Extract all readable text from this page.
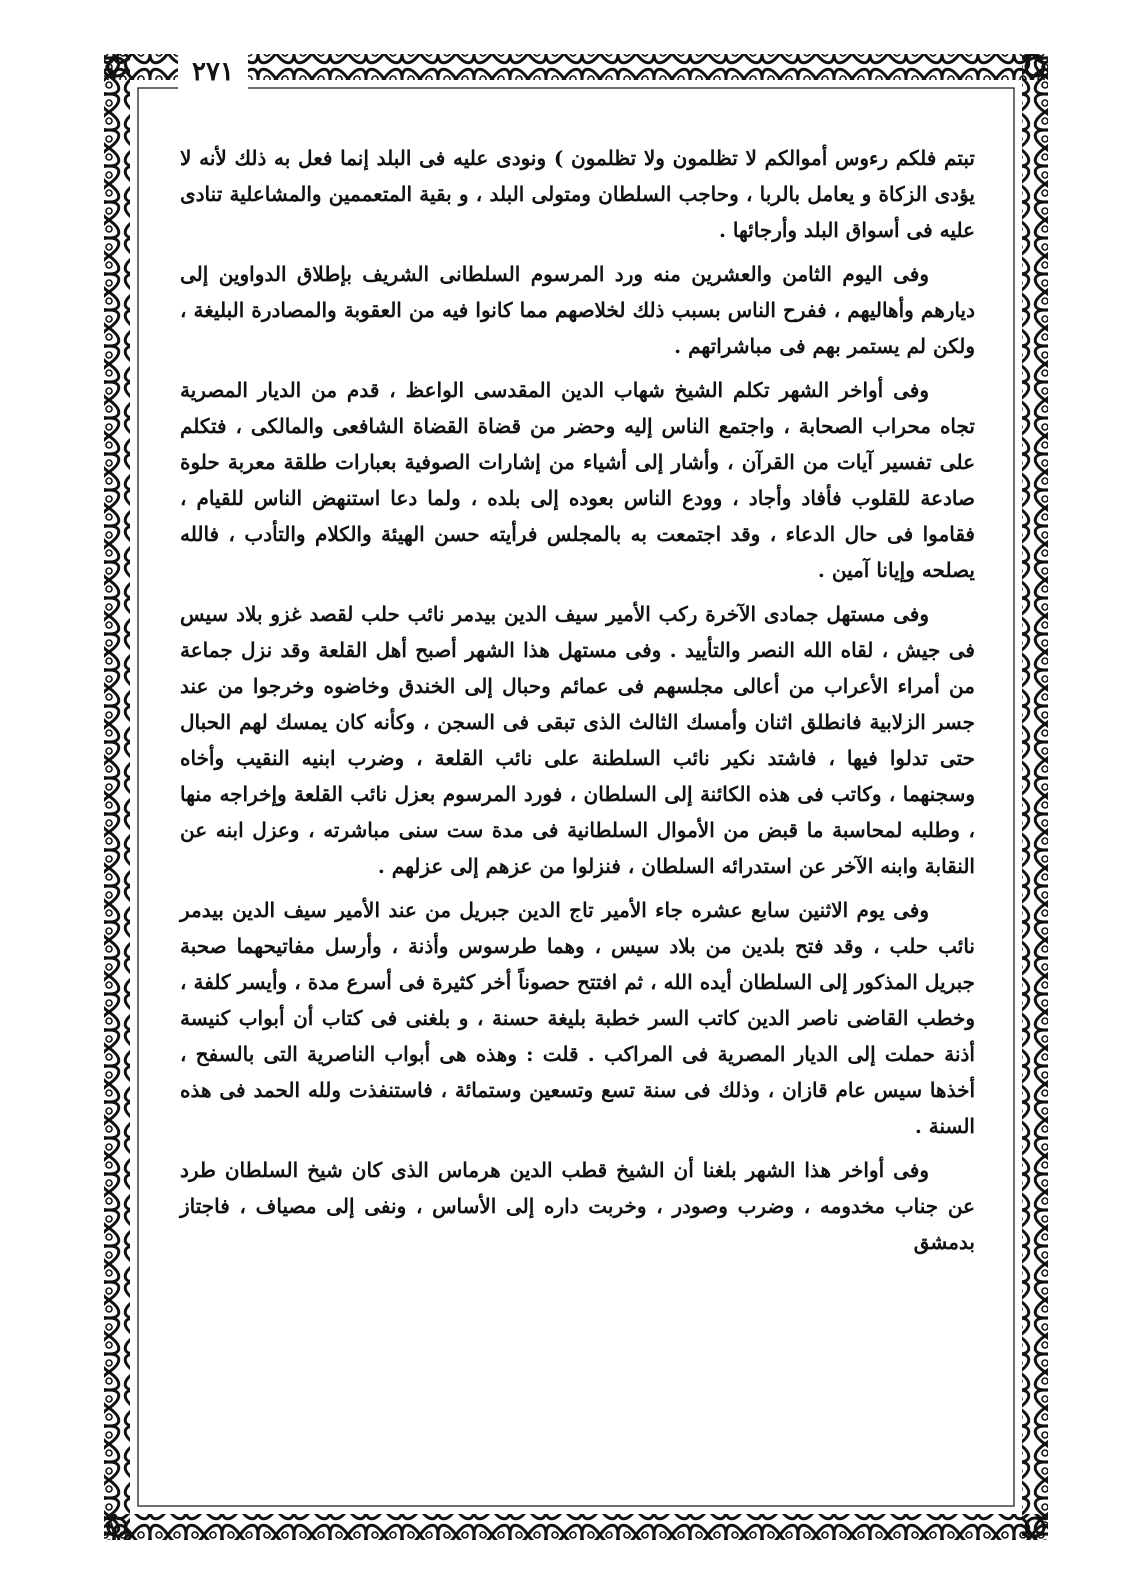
٢٧١

تبتم فلكم رءوس أموالكم لا تظلمون ولا تظلمون ) ونودى عليه فى البلد إنما فعل به ذلك لأنه لا يؤدى الزكاة و يعامل بالربا ، وحاجب السلطان ومتولى البلد ، و بقية المتعممين والمشاعلية تنادى عليه فى أسواق البلد وأرجائها .

وفى اليوم الثامن والعشرين منه ورد المرسوم السلطانى الشريف بإطلاق الدواوين إلى ديارهم وأهاليهم ، ففرح الناس بسبب ذلك لخلاصهم مما كانوا فيه من العقوبة والمصادرة البليغة ، ولكن لم يستمر بهم فى مباشراتهم .

وفى أواخر الشهر تكلم الشيخ شهاب الدين المقدسى الواعظ ، قدم من الديار المصرية تجاه محراب الصحابة ، واجتمع الناس إليه وحضر من قضاة القضاة الشافعى والمالكى ، فتكلم على تفسير آيات من القرآن ، وأشار إلى أشياء من إشارات الصوفية بعبارات طلقة معربة حلوة صادعة للقلوب فأفاد وأجاد ، وودع الناس بعوده إلى بلده ، ولما دعا استنهض الناس للقيام ، فقاموا فى حال الدعاء ، وقد اجتمعت به بالمجلس فرأيته حسن الهيئة والكلام والتأدب ، فالله يصلحه وإيانا آمين .

وفى مستهل جمادى الآخرة ركب الأمير سيف الدين بيدمر نائب حلب لقصد غزو بلاد سيس فى جيش ، لقاه الله النصر والتأييد . وفى مستهل هذا الشهر أصبح أهل القلعة وقد نزل جماعة من أمراء الأعراب من أعالى مجلسهم فى عمائم وحبال إلى الخندق وخاضوه وخرجوا من عند جسر الزلابية فانطلق اثنان وأمسك الثالث الذى تبقى فى السجن ، وكأنه كان يمسك لهم الحبال حتى تدلوا فيها ، فاشتد نكير نائب السلطنة على نائب القلعة ، وضرب ابنيه النقيب وأخاه وسجنهما ، وكاتب فى هذه الكائنة إلى السلطان ، فورد المرسوم بعزل نائب القلعة وإخراجه منها ، وطلبه لمحاسبة ما قبض من الأموال السلطانية فى مدة ست سنى مباشرته ، وعزل ابنه عن النقابة وابنه الآخر عن استدرائه السلطان ، فنزلوا من عزهم إلى عزلهم .

وفى يوم الاثنين سابع عشره جاء الأمير تاج الدين جبريل من عند الأمير سيف الدين بيدمر نائب حلب ، وقد فتح بلدين من بلاد سيس ، وهما طرسوس وأذنة ، وأرسل مفاتيحهما صحبة جبريل المذكور إلى السلطان أيده الله ، ثم افتتح حصوناً أخر كثيرة فى أسرع مدة ، وأيسر كلفة ، وخطب القاضى ناصر الدين كاتب السر خطبة بليغة حسنة ، و بلغنى فى كتاب أن أبواب كنيسة أذنة حملت إلى الديار المصرية فى المراكب . قلت : وهذه هى أبواب الناصرية التى بالسفح ، أخذها سيس عام قازان ، وذلك فى سنة تسع وتسعين وستمائة ، فاستنفذت ولله الحمد فى هذه السنة .

وفى أواخر هذا الشهر بلغنا أن الشيخ قطب الدين هرماس الذى كان شيخ السلطان طرد عن جناب مخدومه ، وضرب وصودر ، وخربت داره إلى الأساس ، ونفى إلى مصياف ، فاجتاز بدمشق
